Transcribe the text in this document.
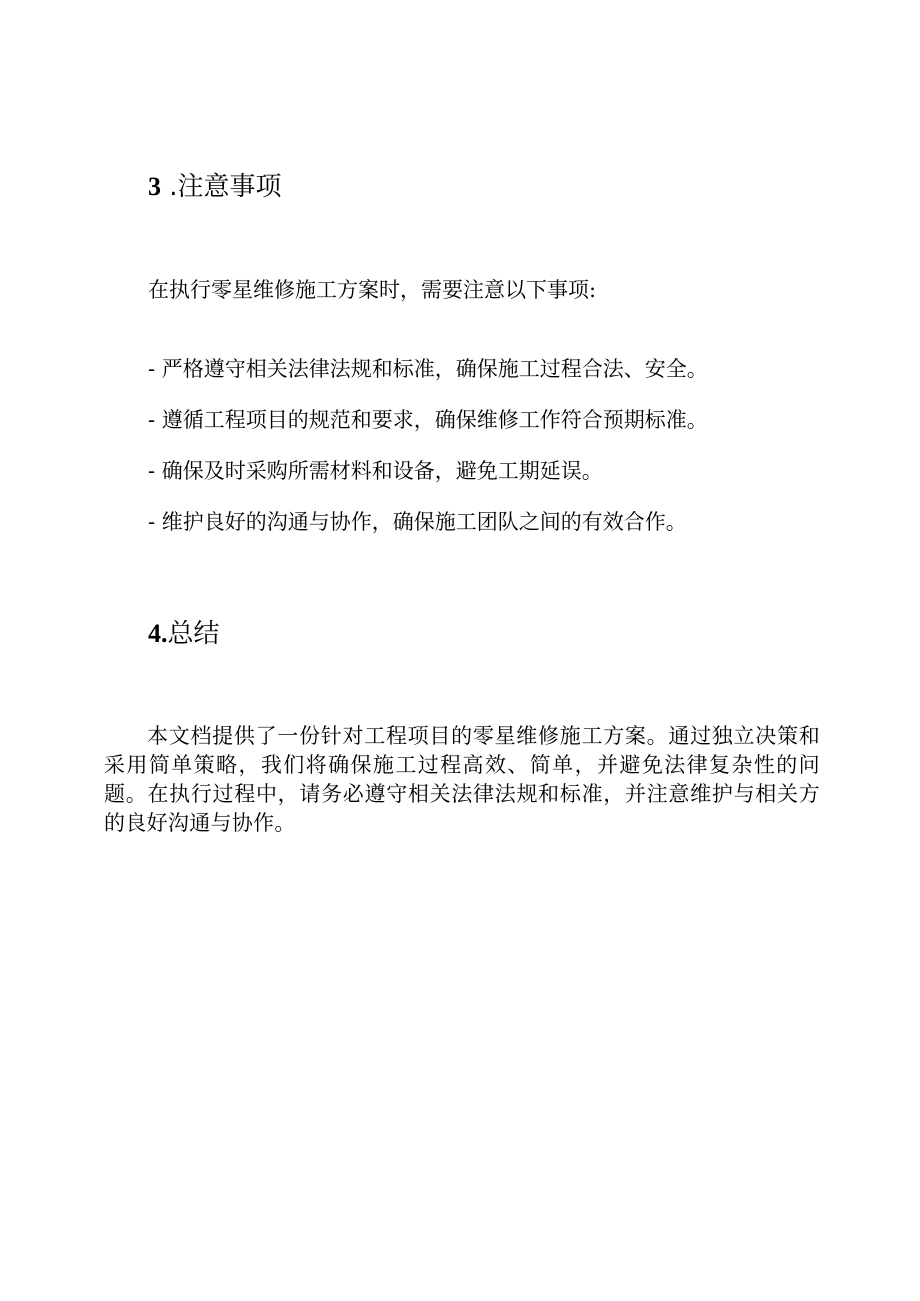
3 .注意事项

在执行零星维修施工方案时，需要注意以下事项:

- 严格遵守相关法律法规和标准，确保施工过程合法、安全。
- 遵循工程项目的规范和要求，确保维修工作符合预期标准。
- 确保及时采购所需材料和设备，避免工期延误。
- 维护良好的沟通与协作，确保施工团队之间的有效合作。
4.总结

本文档提供了一份针对工程项目的零星维修施工方案。通过独立决策和采用简单策略，我们将确保施工过程高效、简单，并避免法律复杂性的问题。在执行过程中，请务必遵守相关法律法规和标准，并注意维护与相关方的良好沟通与协作。
